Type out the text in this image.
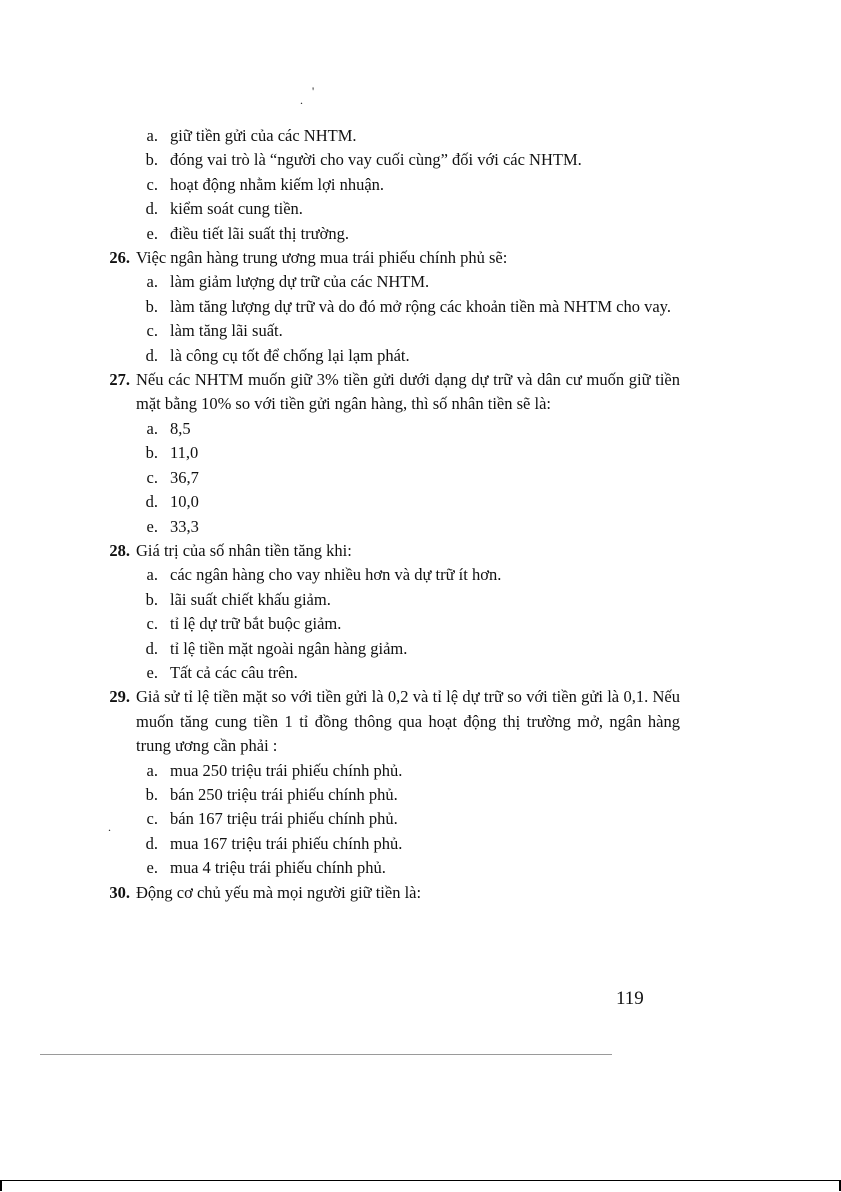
'
.
.
a. giữ tiền gửi của các NHTM.
b. đóng vai trò là “người cho vay cuối cùng” đối với các NHTM.
c. hoạt động nhằm kiếm lợi nhuận.
d. kiểm soát cung tiền.
e. điều tiết lãi suất thị trường.
26. Việc ngân hàng trung ương mua trái phiếu chính phủ sẽ:
a. làm giảm lượng dự trữ của các NHTM.
b. làm tăng lượng dự trữ và do đó mở rộng các khoản tiền mà NHTM cho vay.
c. làm tăng lãi suất.
d. là công cụ tốt để chống lại lạm phát.
27. Nếu các NHTM muốn giữ 3% tiền gửi dưới dạng dự trữ và dân cư muốn giữ tiền mặt bằng 10% so với tiền gửi ngân hàng, thì số nhân tiền sẽ là:
a. 8,5
b. 11,0
c. 36,7
d. 10,0
e. 33,3
28. Giá trị của số nhân tiền tăng khi:
a. các ngân hàng cho vay nhiều hơn và dự trữ ít hơn.
b. lãi suất chiết khấu giảm.
c. tỉ lệ dự trữ bắt buộc giảm.
d. tỉ lệ tiền mặt ngoài ngân hàng giảm.
e. Tất cả các câu trên.
29. Giả sử tỉ lệ tiền mặt so với tiền gửi là 0,2 và tỉ lệ dự trữ so với tiền gửi là 0,1. Nếu muốn tăng cung tiền 1 tỉ đồng thông qua hoạt động thị trường mở, ngân hàng trung ương cần phải :
a. mua 250 triệu trái phiếu chính phủ.
b. bán 250 triệu trái phiếu chính phủ.
c. bán 167 triệu trái phiếu chính phủ.
d. mua 167 triệu trái phiếu chính phủ.
e. mua 4 triệu trái phiếu chính phủ.
30. Động cơ chủ yếu mà mọi người giữ tiền là:
119
